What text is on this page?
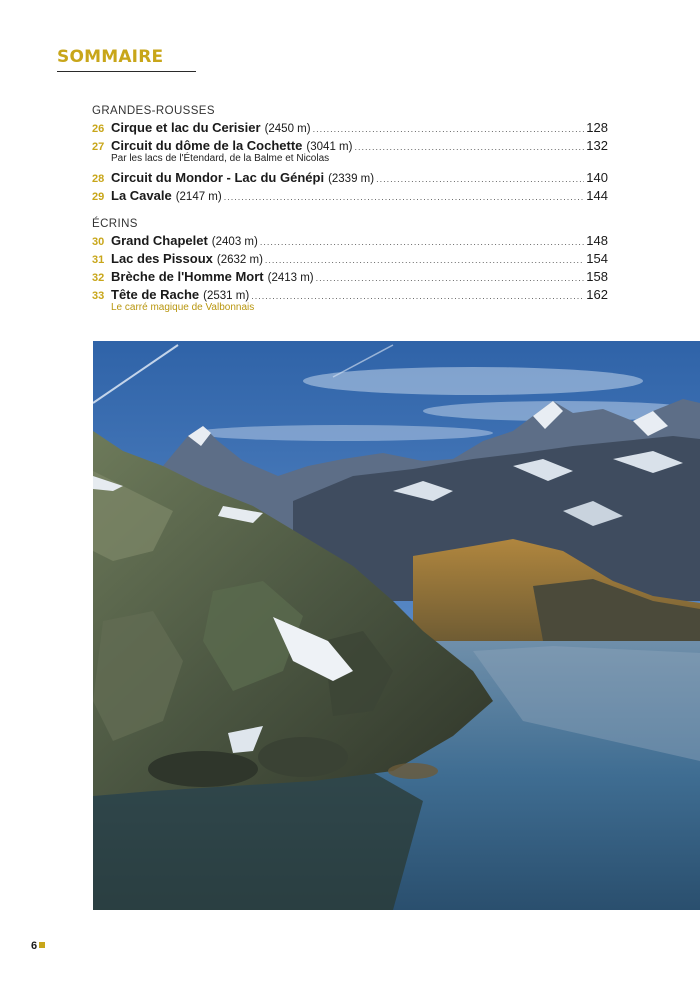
SOMMAIRE
GRANDES-ROUSSES
26 Cirque et lac du Cerisier (2450 m) .....	128
27 Circuit du dôme de la Cochette (3041 m) .....	132
Par les lacs de l'Étendard, de la Balme et Nicolas
28 Circuit du Mondor - Lac du Génépi (2339 m) .....	140
29 La Cavale (2147 m) .....	144
ÉCRINS
30 Grand Chapelet (2403 m) .....	148
31 Lac des Pissoux (2632 m) .....	154
32 Brèche de l'Homme Mort (2413 m) .....	158
33 Tête de Rache (2531 m) .....	162
Le carré magique de Valbonnais
6
